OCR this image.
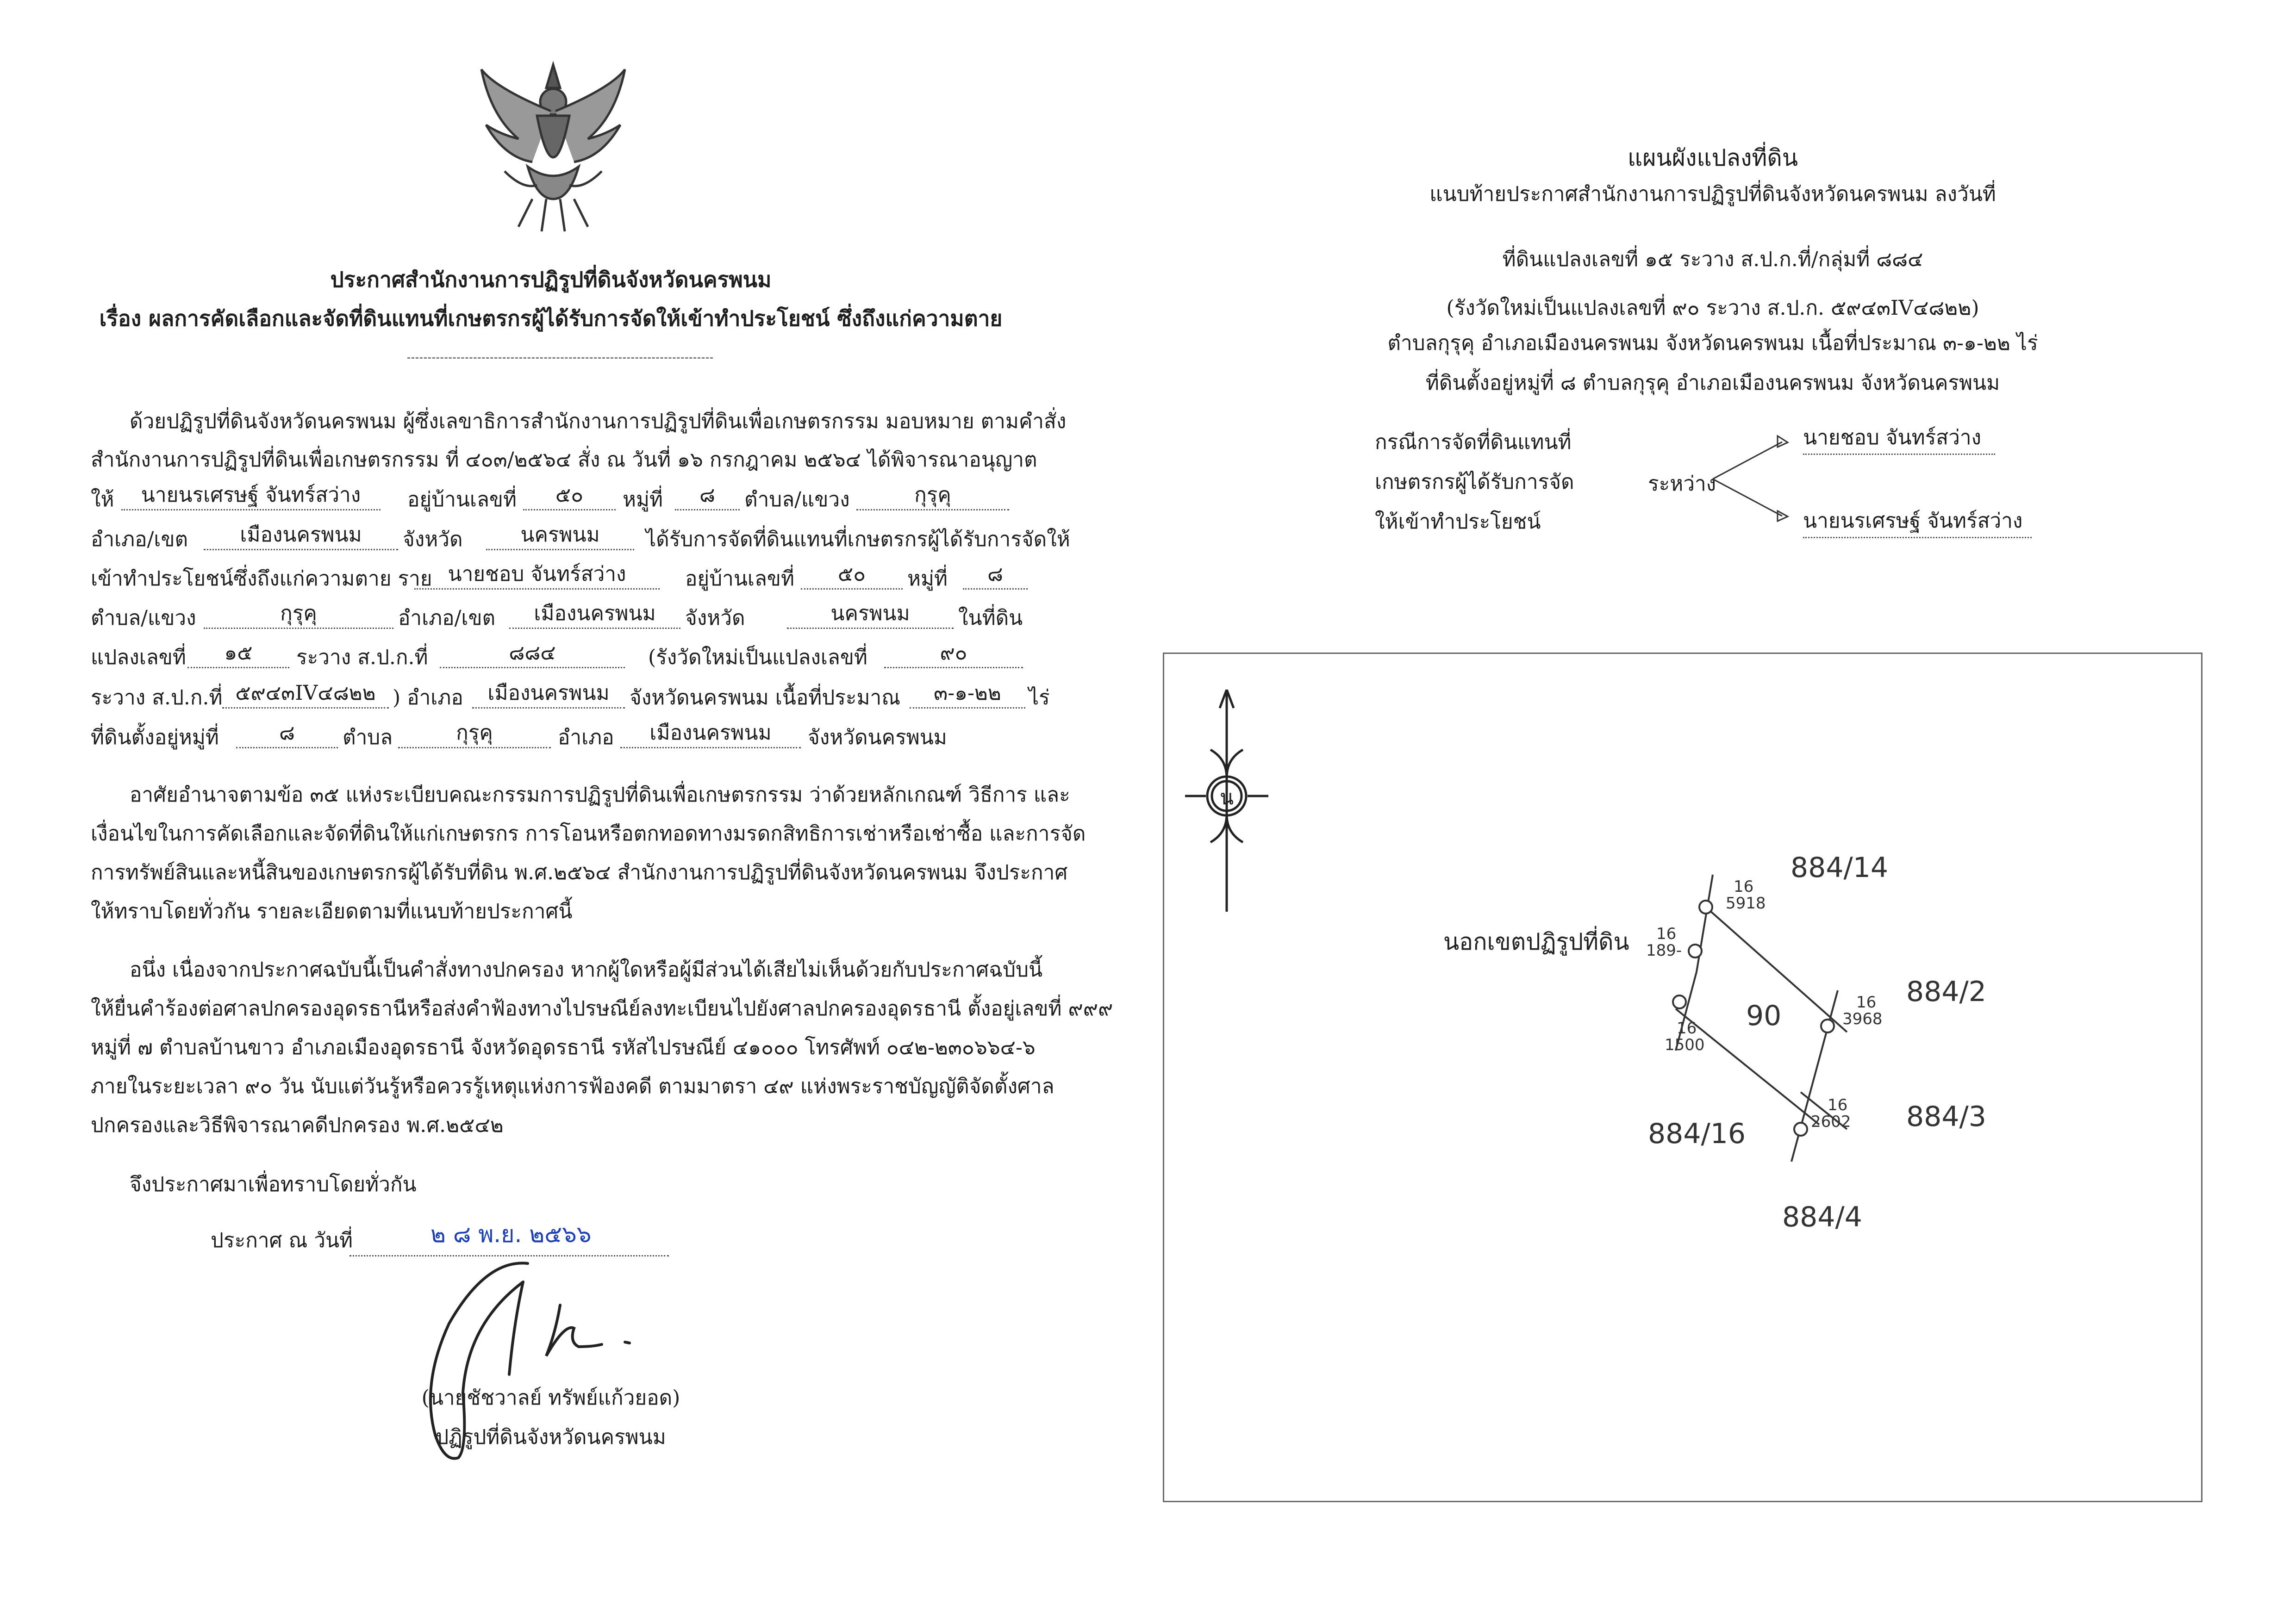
ประกาศสำนักงานการปฏิรูปที่ดินจังหวัดนครพนม
เรื่อง ผลการคัดเลือกและจัดที่ดินแทนที่เกษตรกรผู้ได้รับการจัดให้เข้าทำประโยชน์ ซึ่งถึงแก่ความตาย
ด้วยปฏิรูปที่ดินจังหวัดนครพนม ผู้ซึ่งเลขาธิการสำนักงานการปฏิรูปที่ดินเพื่อเกษตรกรรม มอบหมาย ตามคำสั่ง
สำนักงานการปฏิรูปที่ดินเพื่อเกษตรกรรม ที่ ๔๐๓/๒๕๖๔ สั่ง ณ วันที่ ๑๖ กรกฎาคม ๒๕๖๔ ได้พิจารณาอนุญาต
ให้	นายนรเศรษฐ์ จันทร์สว่าง	อยู่บ้านเลขที่	๕๐	หมู่ที่	๘	ตำบล/แขวง	กุรุคุ
อำเภอ/เขต	เมืองนครพนม	จังหวัด	นครพนม	ได้รับการจัดที่ดินแทนที่เกษตรกรผู้ได้รับการจัดให้
เข้าทำประโยชน์ซึ่งถึงแก่ความตาย ราย นายชอบ จันทร์สว่าง	อยู่บ้านเลขที่	๕๐	หมู่ที่	๘
ตำบล/แขวง	กุรุคุ	อำเภอ/เขต	เมืองนครพนม	จังหวัด	นครพนม	ในที่ดิน
แปลงเลขที่	๑๕	ระวาง ส.ป.ก.ที่	๘๘๔	(รังวัดใหม่เป็นแปลงเลขที่	๙๐
ระวาง ส.ป.ก.ที่ ๕๙๔๓IV๔๘๒๒ ) อำเภอ	เมืองนครพนม จังหวัดนครพนม เนื้อที่ประมาณ	๓-๑-๒๒	ไร่
ที่ดินตั้งอยู่หมู่ที่	๘	ตำบล	กุรุคุ	อำเภอ	เมืองนครพนม	จังหวัดนครพนม
อาศัยอำนาจตามข้อ ๓๕ แห่งระเบียบคณะกรรมการปฏิรูปที่ดินเพื่อเกษตรกรรม ว่าด้วยหลักเกณฑ์ วิธีการ และ
เงื่อนไขในการคัดเลือกและจัดที่ดินให้แก่เกษตรกร การโอนหรือตกทอดทางมรดกสิทธิการเช่าหรือเช่าซื้อ และการจัด
การทรัพย์สินและหนี้สินของเกษตรกรผู้ได้รับที่ดิน พ.ศ.๒๕๖๔ สำนักงานการปฏิรูปที่ดินจังหวัดนครพนม จึงประกาศ
ให้ทราบโดยทั่วกัน รายละเอียดตามที่แนบท้ายประกาศนี้
อนึ่ง เนื่องจากประกาศฉบับนี้เป็นคำสั่งทางปกครอง หากผู้ใดหรือผู้มีส่วนได้เสียไม่เห็นด้วยกับประกาศฉบับนี้
ให้ยื่นคำร้องต่อศาลปกครองอุดรธานีหรือส่งคำฟ้องทางไปรษณีย์ลงทะเบียนไปยังศาลปกครองอุดรธานี ตั้งอยู่เลขที่ ๙๙๙
หมู่ที่ ๗ ตำบลบ้านขาว อำเภอเมืองอุดรธานี จังหวัดอุดรธานี รหัสไปรษณีย์ ๔๑๐๐๐ โทรศัพท์ ๐๔๒-๒๓๐๖๖๔-๖
ภายในระยะเวลา ๙๐ วัน นับแต่วันรู้หรือควรรู้เหตุแห่งการฟ้องคดี ตามมาตรา ๔๙ แห่งพระราชบัญญัติจัดตั้งศาล
ปกครองและวิธีพิจารณาคดีปกครอง พ.ศ.๒๕๔๒
จึงประกาศมาเพื่อทราบโดยทั่วกัน
ประกาศ ณ วันที่	๒ ๘ พ.ย. ๒๕๖๖
(นายชัชวาลย์ ทรัพย์แก้วยอด)
ปฏิรูปที่ดินจังหวัดนครพนม
แผนผังแปลงที่ดิน
แนบท้ายประกาศสำนักงานการปฏิรูปที่ดินจังหวัดนครพนม ลงวันที่
ที่ดินแปลงเลขที่ ๑๕ ระวาง ส.ป.ก.ที่/กลุ่มที่ ๘๘๔
(รังวัดใหม่เป็นแปลงเลขที่ ๙๐ ระวาง ส.ป.ก. ๕๙๔๓IV๔๘๒๒)
ตำบลกุรุคุ อำเภอเมืองนครพนม จังหวัดนครพนม เนื้อที่ประมาณ ๓-๑-๒๒ ไร่
ที่ดินตั้งอยู่หมู่ที่ ๘ ตำบลกุรุคุ อำเภอเมืองนครพนม จังหวัดนครพนม
กรณีการจัดที่ดินแทนที่
เกษตรกรผู้ได้รับการจัด
ให้เข้าทำประโยชน์
ระหว่าง
นายชอบ จันทร์สว่าง
นายนรเศรษฐ์ จันทร์สว่าง
น
นอกเขตปฏิรูปที่ดิน
90
884/14
884/2
884/3
884/4
884/16
16
5918
16
189-
16
1500
16
3968
16
2602
